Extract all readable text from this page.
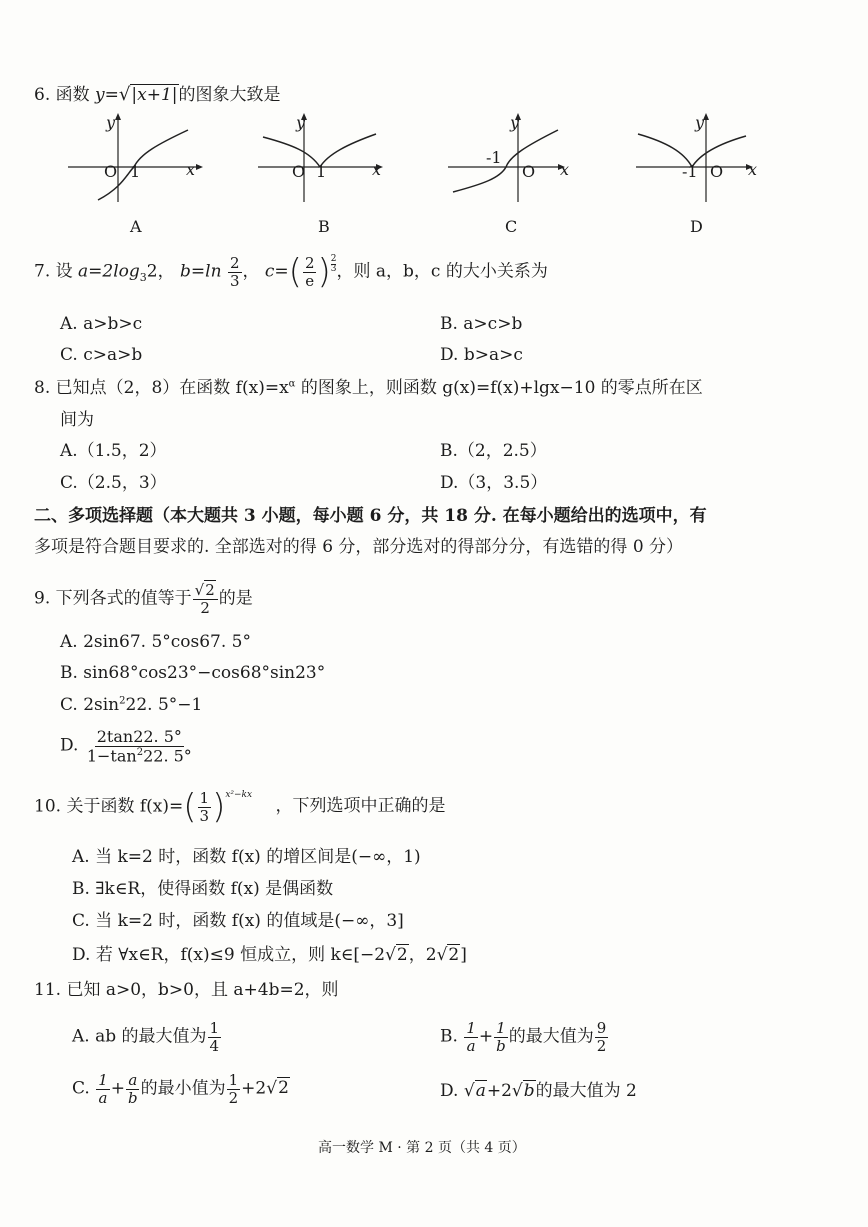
6. 函数 y=√|x+1|的图象大致是
y
x
O 1
A
y
x
O 1
B
y
x
-1
O
C
y
x
-1 O
D
7. 设 $a=2\log_32$， $b=\ln \frac{2}{3}$ ， $c=( \frac{2}{e}$ ) $^{\frac{2}{3}}$ ，则 a，b，c 的大小关系为
A. a>b>c	B. a>c>b
C. c>a>b	D. b>a>c
8. 已知点（2，8）在函数 $f(x)=x^\alpha$ 的图象上，则函数 g(x)=f(x)+lgx−10 的零点所在区
间为
A.（1.5，2）	B.（2，2.5）
C.（2.5，3）	D.（3，3.5）
二、多项选择题（本大题共 3 小题，每小题 6 分，共 18 分. 在每小题给出的选项中，有
多项是符合题目要求的. 全部选对的得 6 分，部分选对的得部分分，有选错的得 0 分）
9. 下列各式的值等于 $\frac{√2}{2}$ 的是
A. 2sin67. 5°cos67. 5°
B. sin68°cos23°−cos68°sin23°
C. $2\sin^222$. 5°−1
D. $\frac{2\tan 22. 5^\circ}{1-\tan^222. 5^\circ}$
10. 关于函数 $f(x)=( \frac{1}{3} )^{x^2-kx}$ ，下列选项中正确的是
A. 当 k=2 时，函数 f(x) 的增区间是(−∞，1)
B. ∃k∈R，使得函数 f(x) 是偶函数
C. 当 k=2 时，函数 f(x) 的值域是(−∞，3]
D. 若 ∀x∈R，f(x)≤9 恒成立，则 k∈[−2√2，2√2]
11. 已知 a>0，b>0，且 a+4b=2，则
A. ab 的最大值为 $\frac{1}{4}$	B. $\frac{1}{a} + \frac{1}{b}$ 的最大值为 $\frac{9}{2}$
C. $\frac{1}{a} + \frac{a}{b}$ 的最小值为 $\frac{1}{2} +2√2$	D. √a+2√b的最大值为 2
高一数学 M · 第 2 页（共 4 页）
